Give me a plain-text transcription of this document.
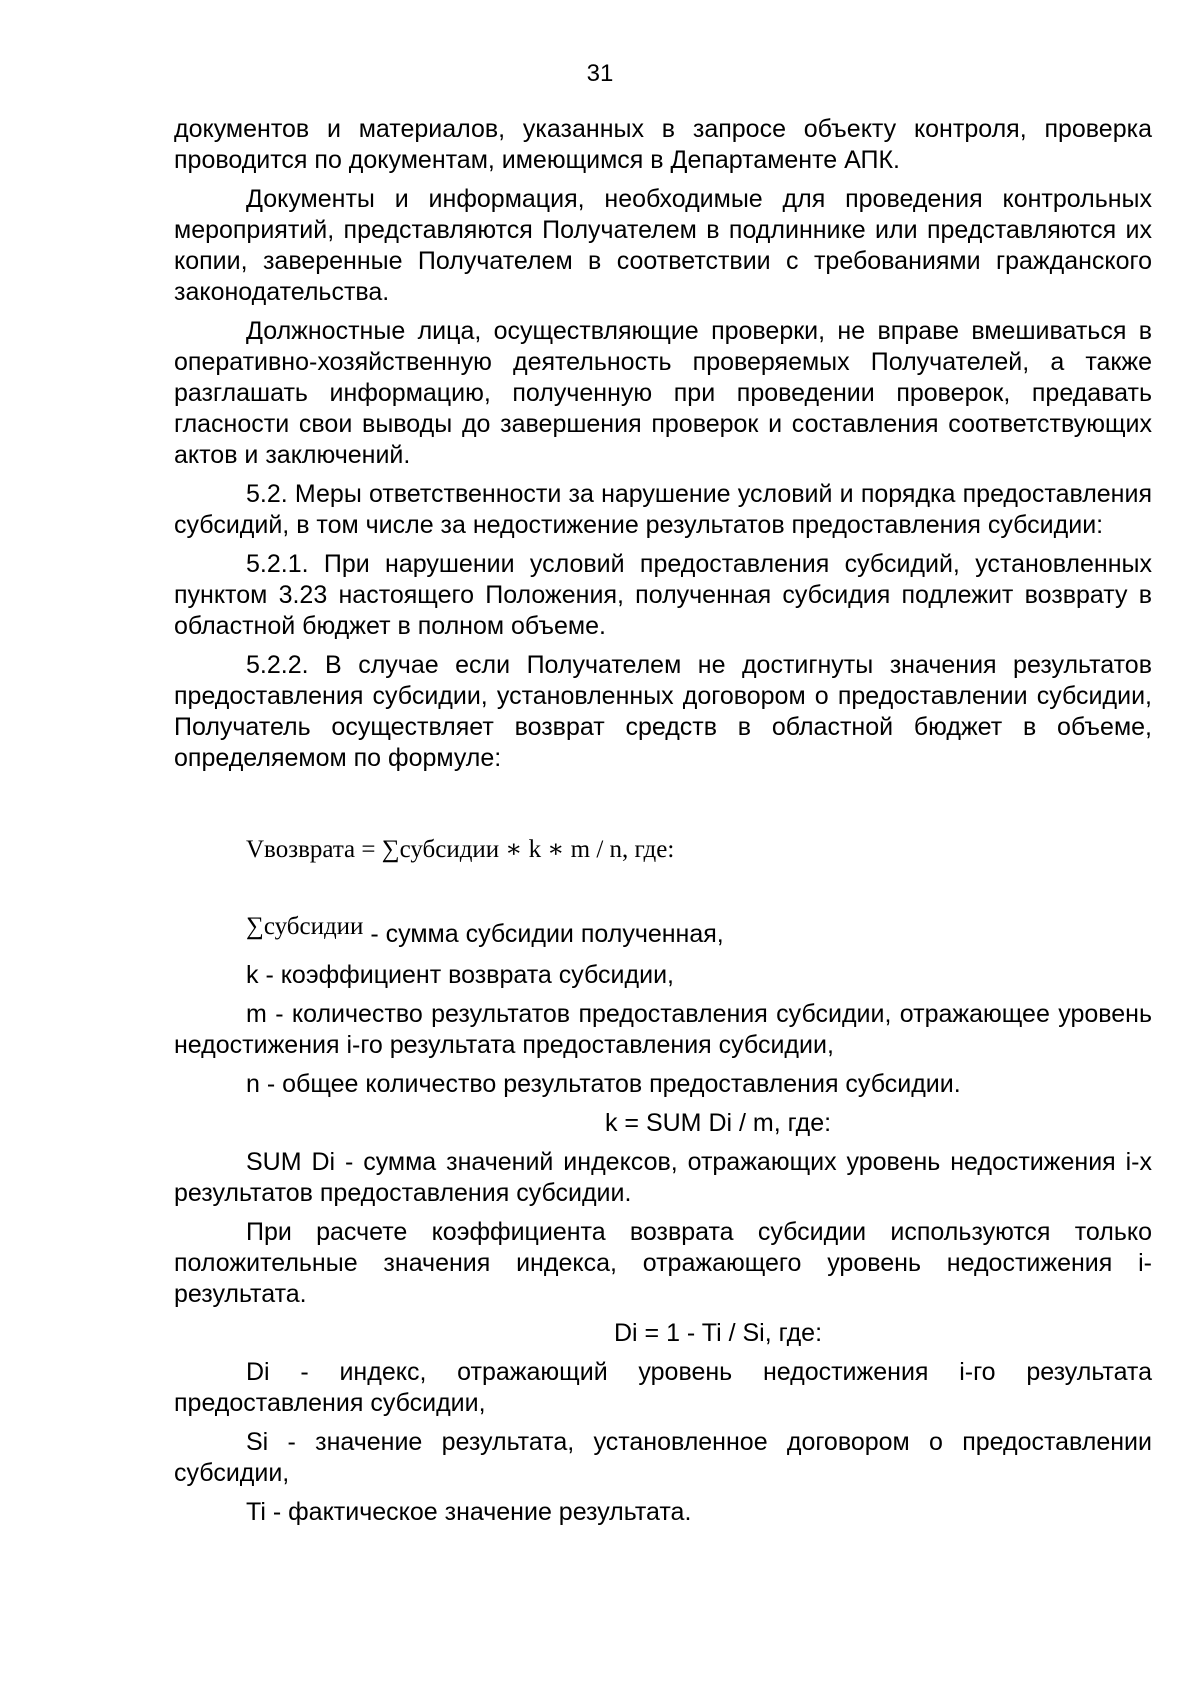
31

документов и материалов, указанных в запросе объекту контроля, проверка проводится по документам, имеющимся в Департаменте АПК.

Документы и информация, необходимые для проведения контрольных мероприятий, представляются Получателем в подлиннике или представляются их копии, заверенные Получателем в соответствии с требованиями гражданского законодательства.

Должностные лица, осуществляющие проверки, не вправе вмешиваться в оперативно-хозяйственную деятельность проверяемых Получателей, а также разглашать информацию, полученную при проведении проверок, предавать гласности свои выводы до завершения проверок и составления соответствующих актов и заключений.

5.2. Меры ответственности за нарушение условий и порядка предоставления субсидий, в том числе за недостижение результатов предоставления субсидии:

5.2.1. При нарушении условий предоставления субсидий, установленных пунктом 3.23 настоящего Положения, полученная субсидия подлежит возврату в областной бюджет в полном объеме.

5.2.2. В случае если Получателем не достигнуты значения результатов предоставления субсидии, установленных договором о предоставлении субсидии, Получатель осуществляет возврат средств в областной бюджет в объеме, определяемом по формуле:

Vвозврата = ∑субсидии ∗ k ∗ m / n, где:
∑субсидии - сумма субсидии полученная,

k - коэффициент возврата субсидии,

m - количество результатов предоставления субсидии, отражающее уровень недостижения i-го результата предоставления субсидии,

n - общее количество результатов предоставления субсидии.

k = SUM Di / m, где:

SUM Di - сумма значений индексов, отражающих уровень недостижения i-х результатов предоставления субсидии.

При расчете коэффициента возврата субсидии используются только положительные значения индекса, отражающего уровень недостижения i-результата.

Di = 1 - Ti / Si, где:

Di - индекс, отражающий уровень недостижения i-го результата предоставления субсидии,

Si - значение результата, установленное договором о предоставлении субсидии,

Ti - фактическое значение результата.
